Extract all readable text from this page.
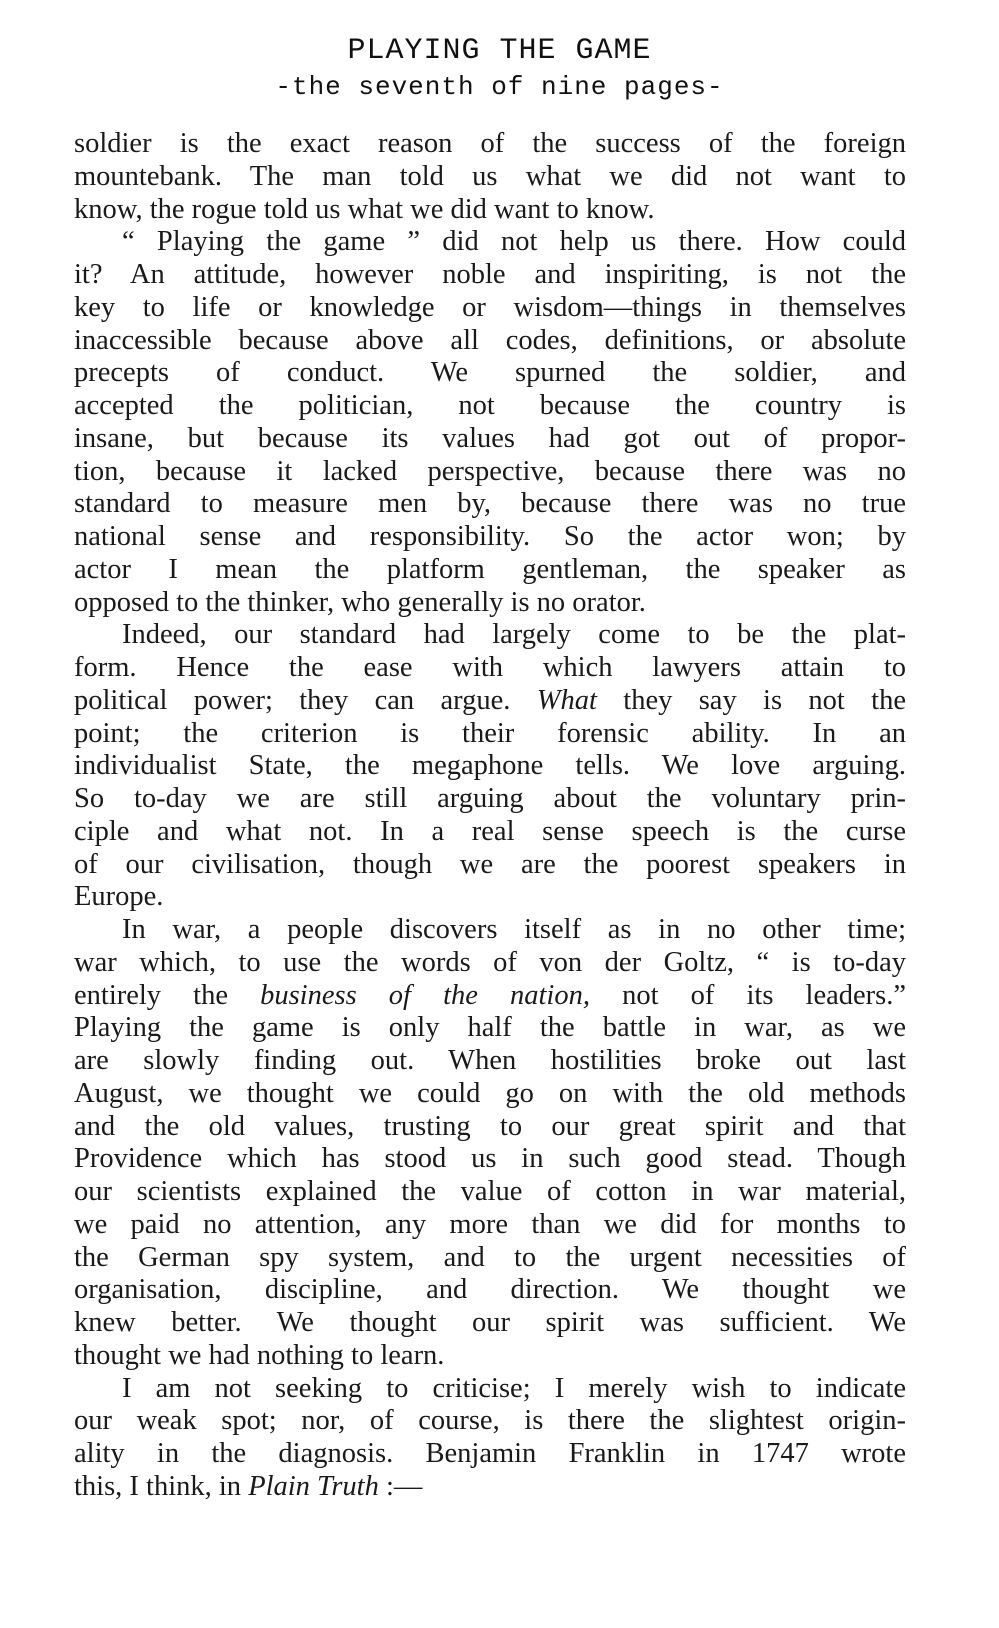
PLAYING THE GAME
-the seventh of nine pages-
soldier is the exact reason of the success of the foreign
mountebank. The man told us what we did not want to
know, the rogue told us what we did want to know.
“ Playing the game ” did not help us there. How could
it? An attitude, however noble and inspiriting, is not the
key to life or knowledge or wisdom—things in themselves
inaccessible because above all codes, definitions, or absolute
precepts of conduct. We spurned the soldier, and
accepted the politician, not because the country is
insane, but because its values had got out of propor-
tion, because it lacked perspective, because there was no
standard to measure men by, because there was no true
national sense and responsibility. So the actor won; by
actor I mean the platform gentleman, the speaker as
opposed to the thinker, who generally is no orator.
Indeed, our standard had largely come to be the plat-
form. Hence the ease with which lawyers attain to
political power; they can argue. What they say is not the
point; the criterion is their forensic ability. In an
individualist State, the megaphone tells. We love arguing.
So to-day we are still arguing about the voluntary prin-
ciple and what not. In a real sense speech is the curse
of our civilisation, though we are the poorest speakers in
Europe.
In war, a people discovers itself as in no other time;
war which, to use the words of von der Goltz, “ is to-day
entirely the business of the nation, not of its leaders.”
Playing the game is only half the battle in war, as we
are slowly finding out. When hostilities broke out last
August, we thought we could go on with the old methods
and the old values, trusting to our great spirit and that
Providence which has stood us in such good stead. Though
our scientists explained the value of cotton in war material,
we paid no attention, any more than we did for months to
the German spy system, and to the urgent necessities of
organisation, discipline, and direction. We thought we
knew better. We thought our spirit was sufficient. We
thought we had nothing to learn.
I am not seeking to criticise; I merely wish to indicate
our weak spot; nor, of course, is there the slightest origin-
ality in the diagnosis. Benjamin Franklin in 1747 wrote
this, I think, in Plain Truth :—
